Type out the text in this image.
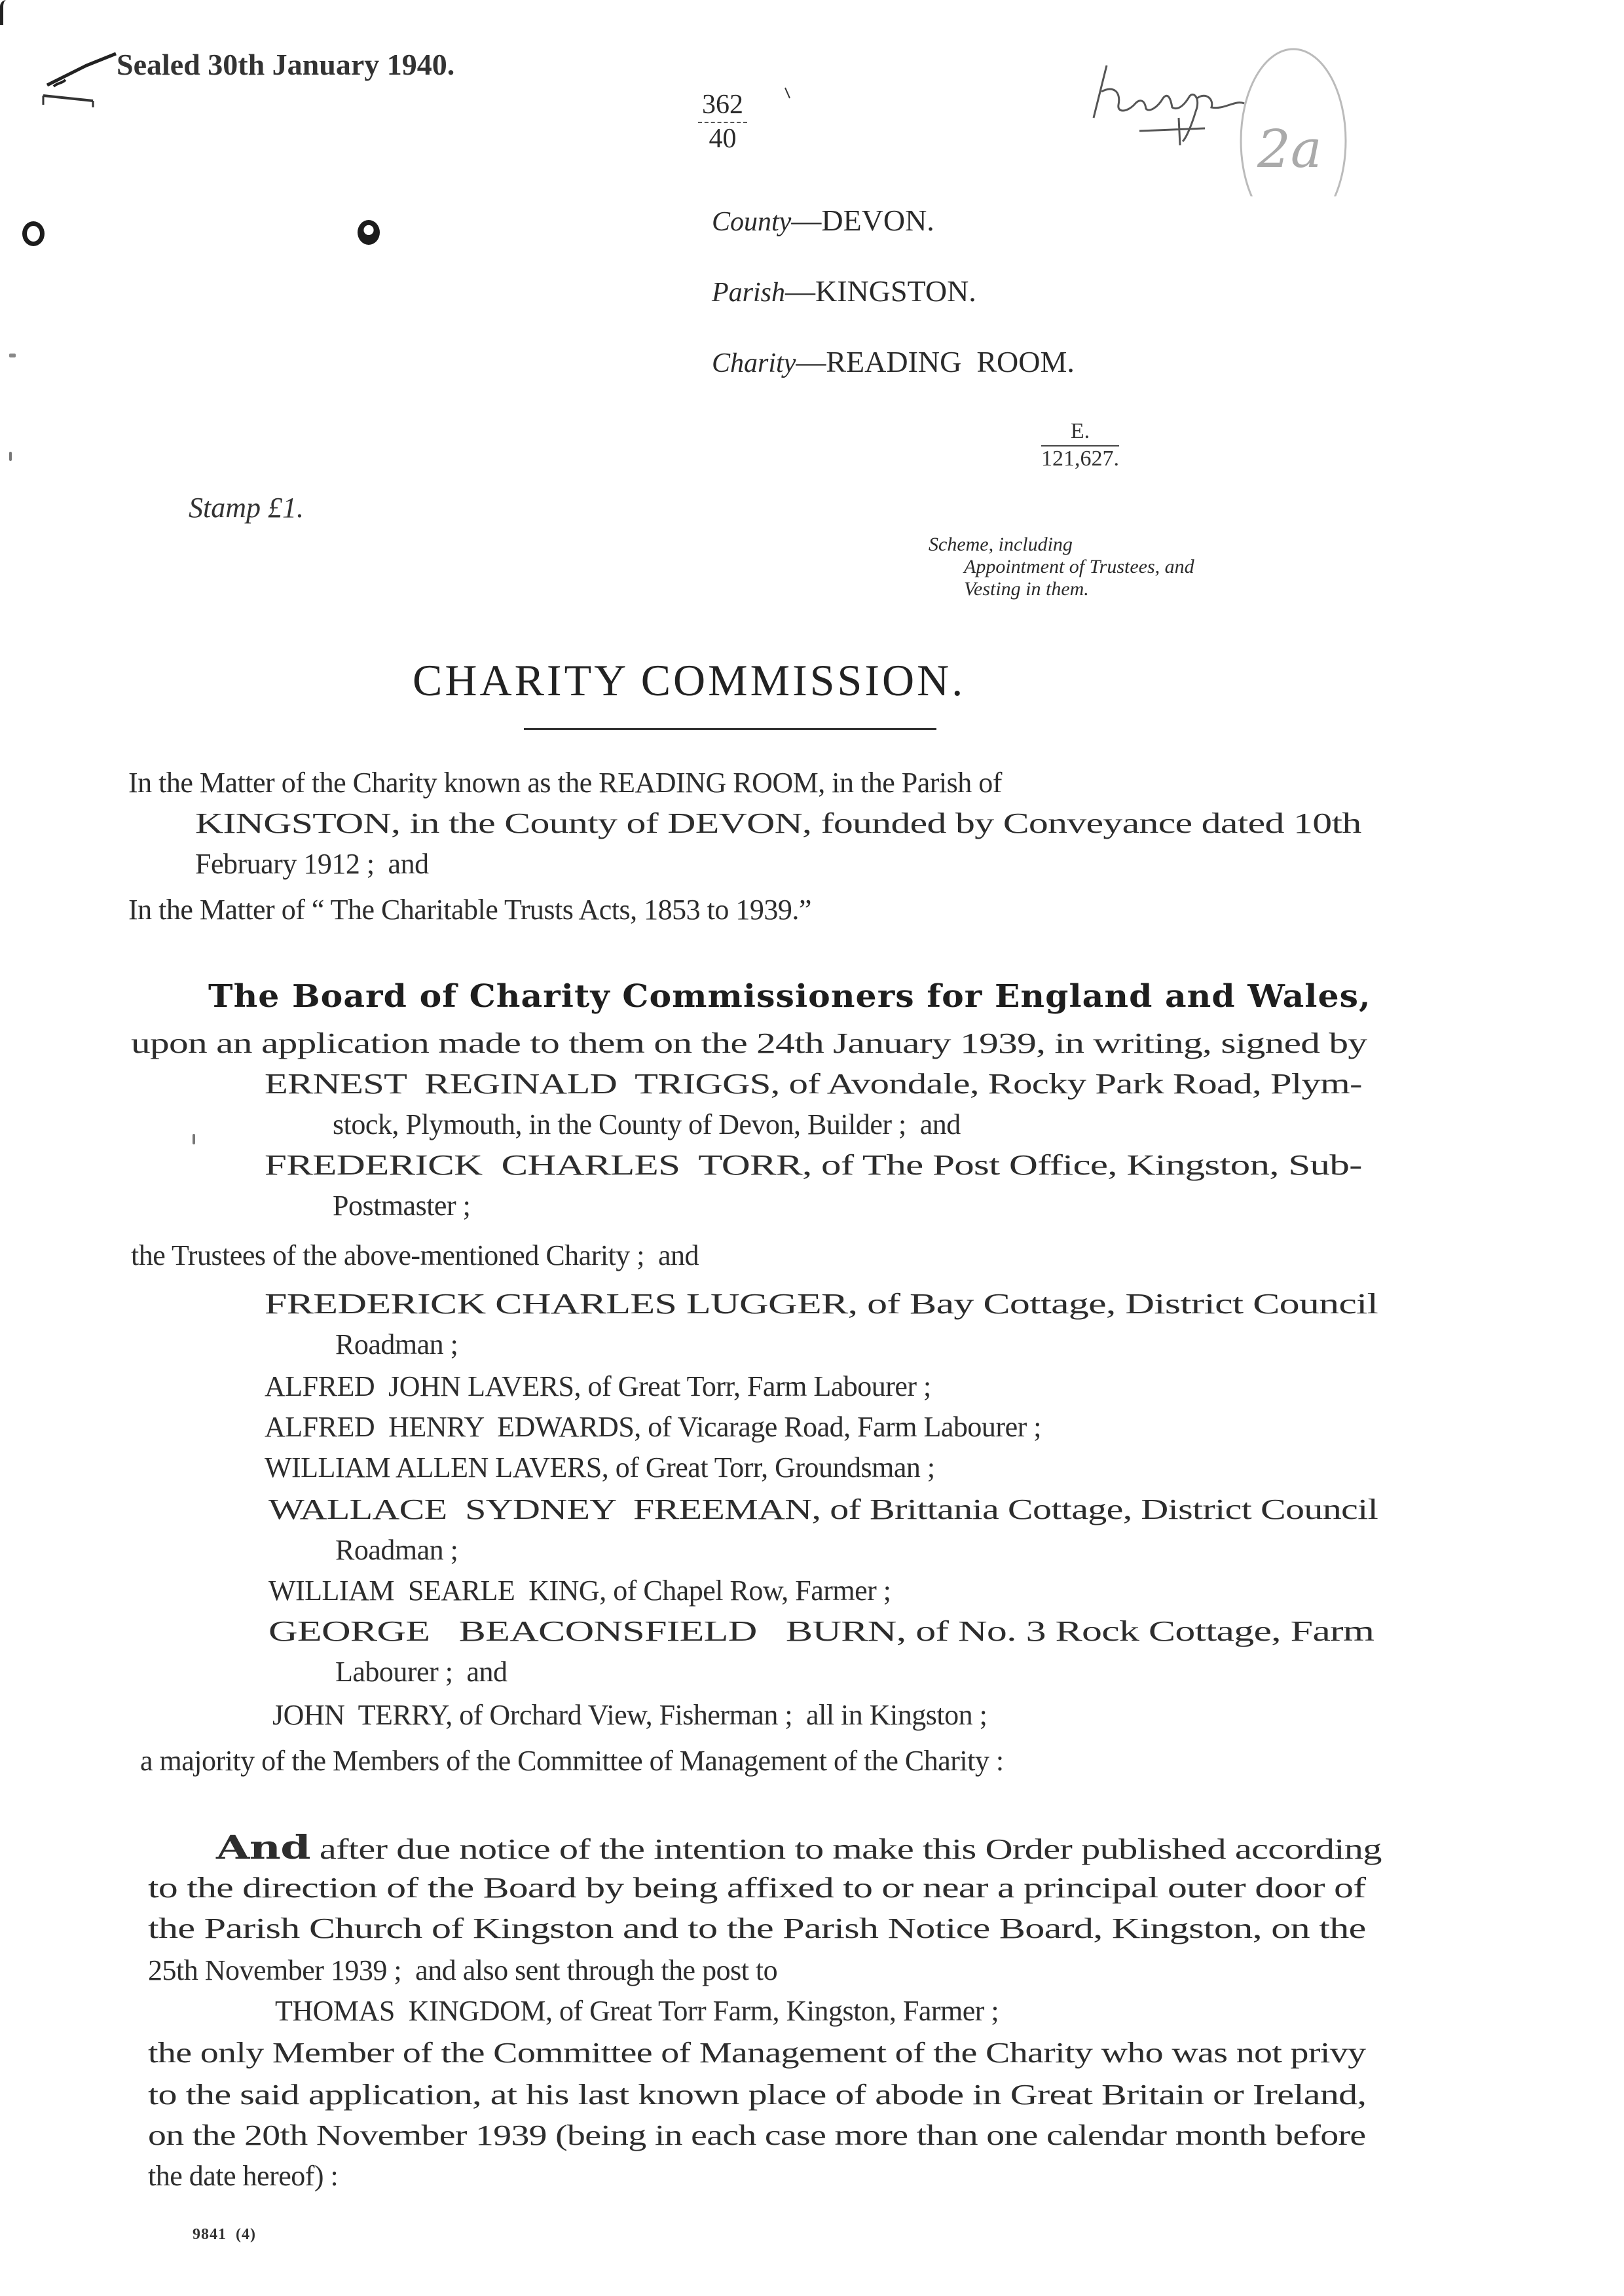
Sealed 30th January 1940.
$\frac{362}{40}$	2a
County—DEVON.
Parish—KINGSTON.
Charity—READING  ROOM.
$\frac{E.}{121,627.}$
Stamp £1.
Scheme, including
Appointment of Trustees, and
Vesting in them.
CHARITY COMMISSION.
In the Matter of the Charity known as the READING ROOM, in the Parish of
KINGSTON, in the County of DEVON, founded by Conveyance dated 10th
February 1912 ;  and
In the Matter of “ The Charitable Trusts Acts, 1853 to 1939.”
The Board of Charity Commissioners for England and Wales,
upon an application made to them on the 24th January 1939, in writing, signed by
ERNEST  REGINALD  TRIGGS, of Avondale, Rocky Park Road, Plym-
stock, Plymouth, in the County of Devon, Builder ;  and
FREDERICK  CHARLES  TORR, of The Post Office, Kingston, Sub-
Postmaster ;
the Trustees of the above-mentioned Charity ;  and
FREDERICK CHARLES LUGGER, of Bay Cottage, District Council
Roadman ;
ALFRED  JOHN LAVERS, of Great Torr, Farm Labourer ;
ALFRED  HENRY  EDWARDS, of Vicarage Road, Farm Labourer ;
WILLIAM ALLEN LAVERS, of Great Torr, Groundsman ;
WALLACE  SYDNEY  FREEMAN, of Brittania Cottage, District Council
Roadman ;
WILLIAM  SEARLE  KING, of Chapel Row, Farmer ;
GEORGE   BEACONSFIELD   BURN, of No. 3 Rock Cottage, Farm
Labourer ;  and
JOHN  TERRY, of Orchard View, Fisherman ;  all in Kingston ;
a majority of the Members of the Committee of Management of the Charity :
And after due notice of the intention to make this Order published according
to the direction of the Board by being affixed to or near a principal outer door of
the Parish Church of Kingston and to the Parish Notice Board, Kingston, on the
25th November 1939 ;  and also sent through the post to
THOMAS  KINGDOM, of Great Torr Farm, Kingston, Farmer ;
the only Member of the Committee of Management of the Charity who was not privy
to the said application, at his last known place of abode in Great Britain or Ireland,
on the 20th November 1939 (being in each case more than one calendar month before
the date hereof) :
9841  (4)
